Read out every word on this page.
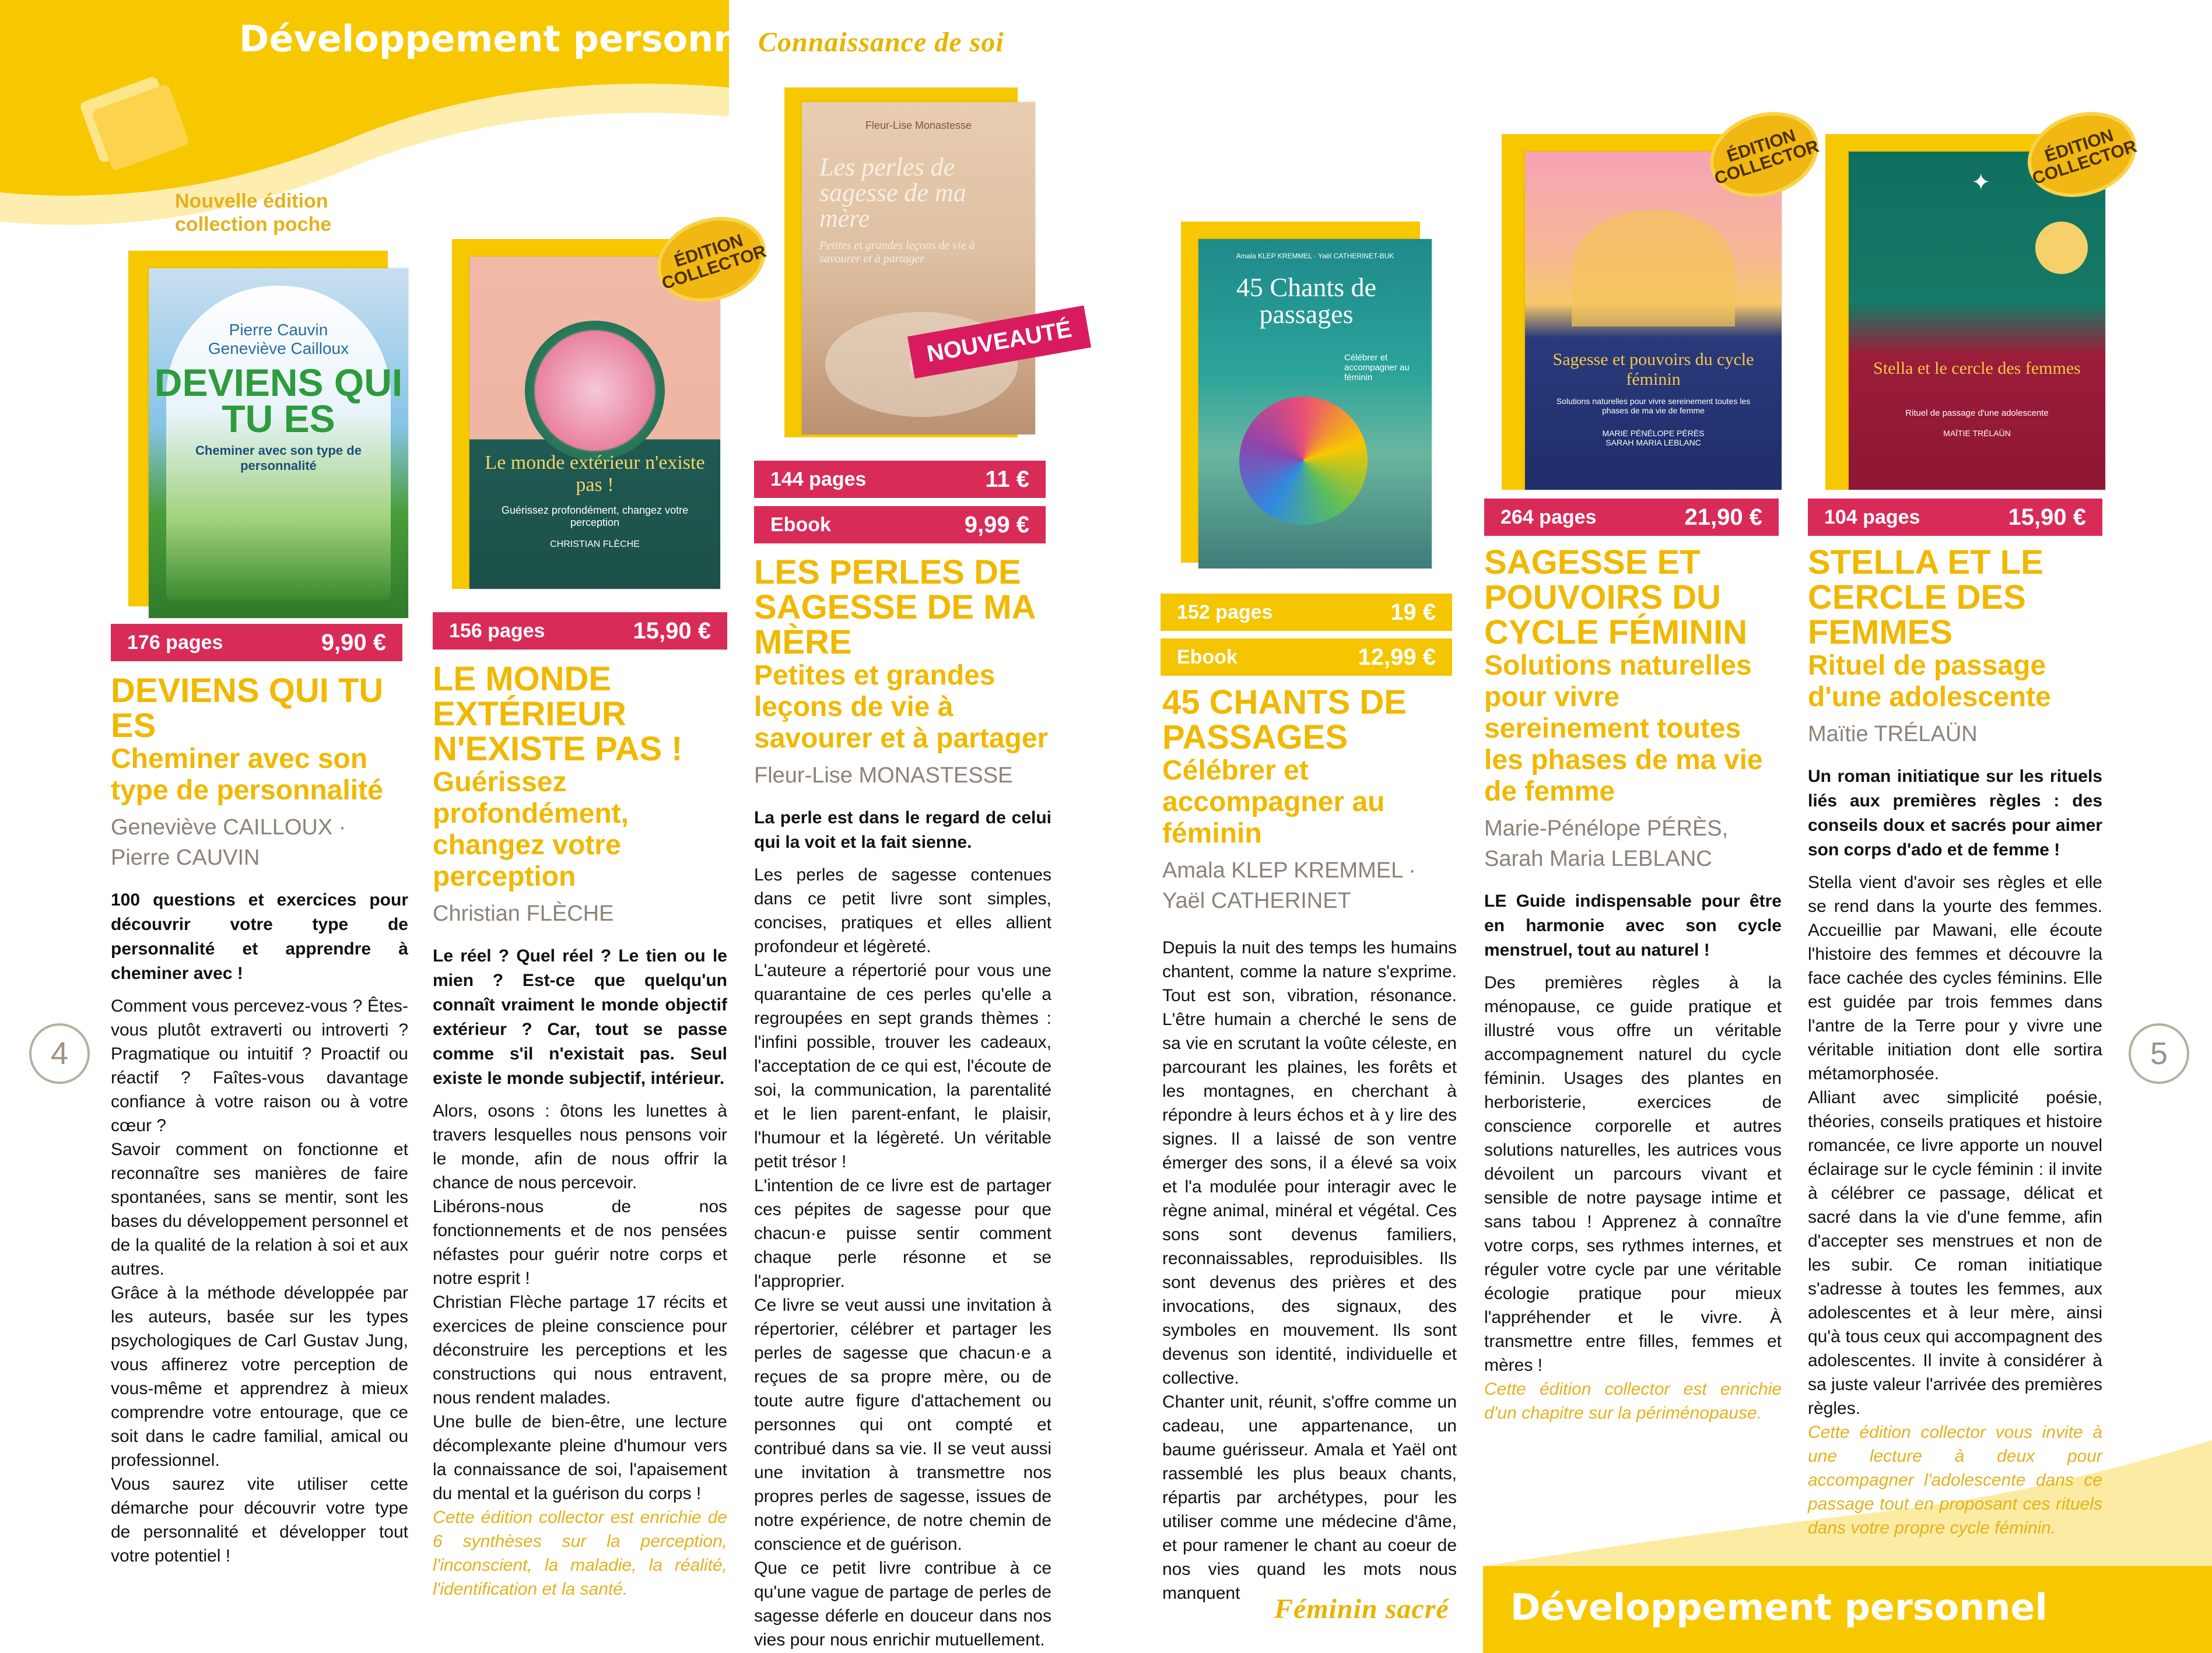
Développement personnel
Connaissance de soi
Développement personnel
Féminin sacré
4	5
Nouvelle édition collection poche
Pierre Cauvin
Geneviève Cailloux
DEVIENS QUI TU ES
Cheminer avec son type de personnalité
176 pages	9,90 €
DEVIENS QUI TU ES
Cheminer avec son type de personnalité
Geneviève CAILLOUX · Pierre CAUVIN
100 questions et exercices pour découvrir votre type de personnalité et apprendre à cheminer avec !
Comment vous percevez-vous ? Êtes-vous plutôt extraverti ou introverti ? Pragmatique ou intuitif ? Proactif ou réactif ? Faîtes-vous davantage confiance à votre raison ou à votre cœur ?
Savoir comment on fonctionne et reconnaître ses manières de faire spontanées, sans se mentir, sont les bases du développement personnel et de la qualité de la relation à soi et aux autres.
Grâce à la méthode développée par les auteurs, basée sur les types psychologiques de Carl Gustav Jung, vous affinerez votre perception de vous-même et apprendrez à mieux comprendre votre entourage, que ce soit dans le cadre familial, amical ou professionnel.
Vous saurez vite utiliser cette démarche pour découvrir votre type de personnalité et développer tout votre potentiel !
Le monde extérieur n'existe pas !
Guérissez profondément, changez votre perception
CHRISTIAN FLÈCHE
ÉDITION COLLECTOR
156 pages	15,90 €
LE MONDE EXTÉRIEUR N'EXISTE PAS !
Guérissez profondément, changez votre perception
Christian FLÈCHE
Le réel ? Quel réel ? Le tien ou le mien ? Est-ce que quelqu'un connaît vraiment le monde objectif extérieur ? Car, tout se passe comme s'il n'existait pas. Seul existe le monde subjectif, intérieur.
Alors, osons : ôtons les lunettes à travers lesquelles nous pensons voir le monde, afin de nous offrir la chance de nous percevoir.
Libérons-nous de nos fonctionnements et de nos pensées néfastes pour guérir notre corps et notre esprit !
Christian Flèche partage 17 récits et exercices de pleine conscience pour déconstruire les perceptions et les constructions qui nous entravent, nous rendent malades.
Une bulle de bien-être, une lecture décomplexante pleine d'humour vers la connaissance de soi, l'apaisement du mental et la guérison du corps !
Cette édition collector est enrichie de 6 synthèses sur la perception, l'inconscient, la maladie, la réalité, l'identification et la santé.
Fleur-Lise Monastesse
Les perles de sagesse de ma mère
Petites et grandes leçons de vie à savourer et à partager
NOUVEAUTÉ
144 pages	11 €
Ebook	9,99 €
LES PERLES DE SAGESSE DE MA MÈRE
Petites et grandes leçons de vie à savourer et à partager
Fleur-Lise MONASTESSE
La perle est dans le regard de celui qui la voit et la fait sienne.
Les perles de sagesse contenues dans ce petit livre sont simples, concises, pratiques et elles allient profondeur et légèreté.
L'auteure a répertorié pour vous une quarantaine de ces perles qu'elle a regroupées en sept grands thèmes : l'infini possible, trouver les cadeaux, l'acceptation de ce qui est, l'écoute de soi, la communication, la parentalité et le lien parent-enfant, le plaisir, l'humour et la légèreté. Un véritable petit trésor !
L'intention de ce livre est de partager ces pépites de sagesse pour que chacun·e puisse sentir comment chaque perle résonne et se l'approprier.
Ce livre se veut aussi une invitation à répertorier, célébrer et partager les perles de sagesse que chacun·e a reçues de sa propre mère, ou de toute autre figure d'attachement ou personnes qui ont compté et contribué dans sa vie. Il se veut aussi une invitation à transmettre nos propres perles de sagesse, issues de notre expérience, de notre chemin de conscience et de guérison.
Que ce petit livre contribue à ce qu'une vague de partage de perles de sagesse déferle en douceur dans nos vies pour nous enrichir mutuellement.
Amala KLEP KREMMEL · Yaël CATHERINET-BUK
45 Chants de passages
Célébrer et accompagner au féminin
152 pages	19 €
Ebook	12,99 €
45 CHANTS DE PASSAGES
Célébrer et accompagner au féminin
Amala KLEP KREMMEL · Yaël CATHERINET
Depuis la nuit des temps les humains chantent, comme la nature s'exprime. Tout est son, vibration, résonance. L'être humain a cherché le sens de sa vie en scrutant la voûte céleste, en parcourant les plaines, les forêts et les montagnes, en cherchant à répondre à leurs échos et à y lire des signes. Il a laissé de son ventre émerger des sons, il a élevé sa voix et l'a modulée pour interagir avec le règne animal, minéral et végétal. Ces sons sont devenus familiers, reconnaissables, reproduisibles. Ils sont devenus des prières et des invocations, des signaux, des symboles en mouvement. Ils sont devenus son identité, individuelle et collective.
Chanter unit, réunit, s'offre comme un cadeau, une appartenance, un baume guérisseur. Amala et Yaël ont rassemblé les plus beaux chants, répartis par archétypes, pour les utiliser comme une médecine d'âme, et pour ramener le chant au coeur de nos vies quand les mots nous manquent
Sagesse et pouvoirs du cycle féminin
Solutions naturelles pour vivre sereinement toutes les phases de ma vie de femme
MARIE PÉNÉLOPE PÉRÈS
SARAH MARIA LEBLANC
ÉDITION COLLECTOR
264 pages	21,90 €
SAGESSE ET POUVOIRS DU CYCLE FÉMININ
Solutions naturelles pour vivre sereinement toutes les phases de ma vie de femme
Marie-Pénélope PÉRÈS, Sarah Maria LEBLANC
LE Guide indispensable pour être en harmonie avec son cycle menstruel, tout au naturel !
Des premières règles à la ménopause, ce guide pratique et illustré vous offre un véritable accompagnement naturel du cycle féminin. Usages des plantes en herboristerie, exercices de conscience corporelle et autres solutions naturelles, les autrices vous dévoilent un parcours vivant et sensible de notre paysage intime et sans tabou ! Apprenez à connaître votre corps, ses rythmes internes, et réguler votre cycle par une véritable écologie pratique pour mieux l'appréhender et le vivre. À transmettre entre filles, femmes et mères !
Cette édition collector est enrichie d'un chapitre sur la périménopause.
✦
Stella et le cercle des femmes
Rituel de passage d'une adolescente
MAÏTIE TRÉLAÜN
ÉDITION COLLECTOR
104 pages	15,90 €
STELLA ET LE CERCLE DES FEMMES
Rituel de passage d'une adolescente
Maïtie TRÉLAÜN
Un roman initiatique sur les rituels liés aux premières règles : des conseils doux et sacrés pour aimer son corps d'ado et de femme !
Stella vient d'avoir ses règles et elle se rend dans la yourte des femmes. Accueillie par Mawani, elle écoute l'histoire des femmes et découvre la face cachée des cycles féminins. Elle est guidée par trois femmes dans l'antre de la Terre pour y vivre une véritable initiation dont elle sortira métamorphosée.
Alliant avec simplicité poésie, théories, conseils pratiques et histoire romancée, ce livre apporte un nouvel éclairage sur le cycle féminin : il invite à célébrer ce passage, délicat et sacré dans la vie d'une femme, afin d'accepter ses menstrues et non de les subir. Ce roman initiatique s'adresse à toutes les femmes, aux adolescentes et à leur mère, ainsi qu'à tous ceux qui accompagnent des adolescentes. Il invite à considérer à sa juste valeur l'arrivée des premières règles.
Cette édition collector vous invite à une lecture à deux pour accompagner l'adolescente dans ce passage tout en proposant ces rituels dans votre propre cycle féminin.
